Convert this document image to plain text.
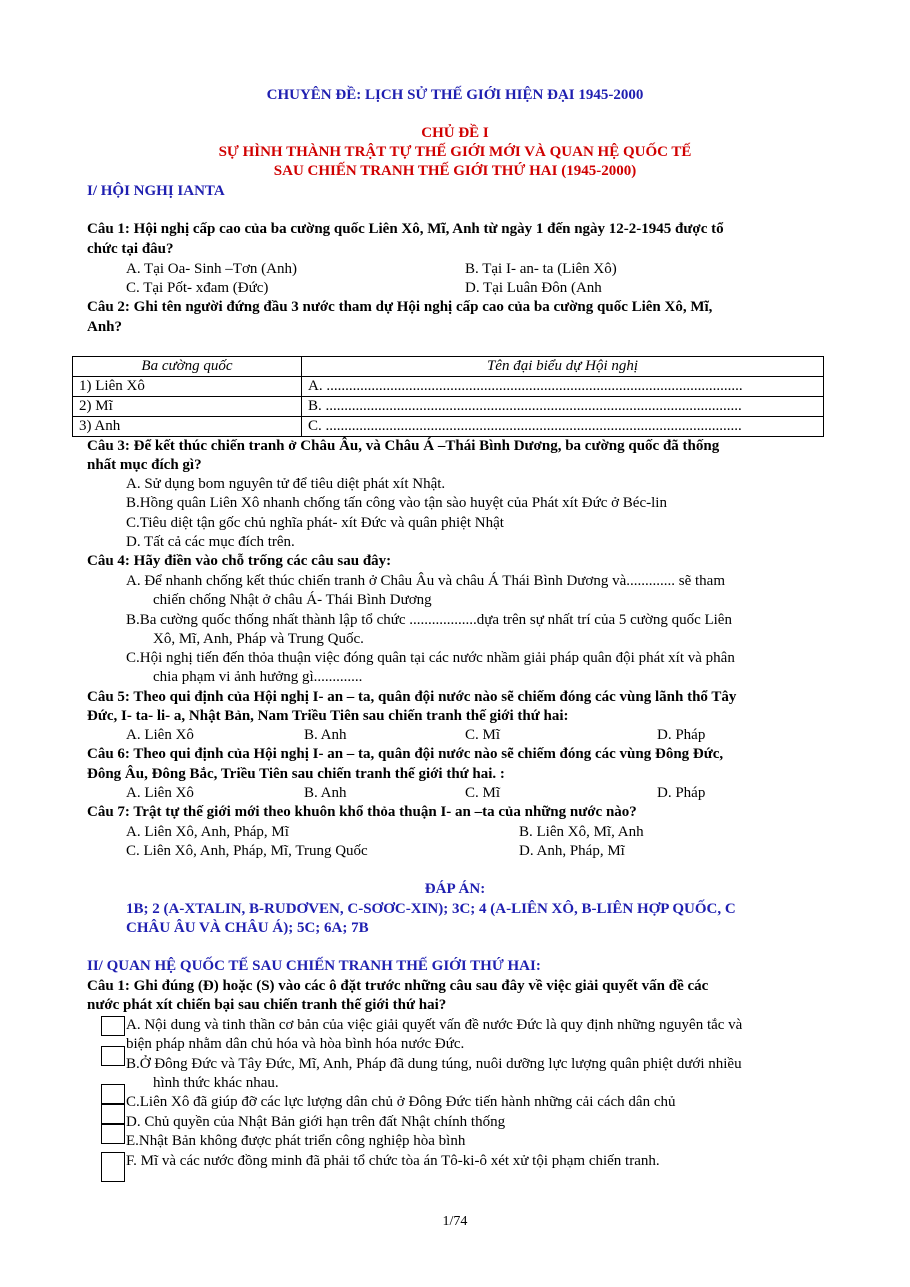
CHUYÊN ĐỀ: LỊCH SỬ THẾ GIỚI HIỆN ĐẠI 1945-2000
CHỦ ĐỀ I
SỰ HÌNH THÀNH TRẬT TỰ THẾ GIỚI MỚI VÀ QUAN HỆ QUỐC TẾ
SAU CHIẾN TRANH THẾ GIỚI THỨ HAI (1945-2000)
I/ HỘI NGHỊ IANTA
Câu 1: Hội nghị cấp cao của ba cường quốc Liên Xô, Mĩ, Anh từ ngày 1 đến ngày 12-2-1945 được tổ
chức tại đâu?
A. Tại Oa- Sinh –Tơn (Anh)	B. Tại I- an- ta (Liên Xô)
C. Tại Pốt- xđam (Đức)	D. Tại Luân Đôn (Anh
Câu 2: Ghi tên người đứng đầu 3 nước tham dự Hội nghị cấp cao của ba cường quốc Liên Xô, Mĩ,
Anh?
Ba cường quốc	Tên đại biểu dự Hội nghị
1) Liên Xô	A. ...............................................................................................................
2) Mĩ	B. ...............................................................................................................
3) Anh	C. ...............................................................................................................
Câu 3: Để kết thúc chiến tranh ở Châu Âu, và Châu Á –Thái Bình Dương, ba cường quốc đã thống
nhất mục đích gì?
A. Sử dụng bom nguyên tử để tiêu diệt phát xít Nhật.
B.Hồng quân Liên Xô nhanh chống tấn công vào tận sào huyệt của Phát xít Đức ở Béc-lin
C.Tiêu diệt tận gốc chủ nghĩa phát- xít Đức và quân phiệt Nhật
D. Tất cả các mục đích trên.
Câu 4: Hãy điền vào chỗ trống các câu sau đây:
A. Để nhanh chống kết thúc chiến tranh ở Châu Âu và châu Á Thái Bình Dương và............. sẽ tham
chiến chống Nhật ở châu Á- Thái Bình Dương
B.Ba cường quốc thống nhất thành lập tổ chức ..................dựa trên sự nhất trí của 5 cường quốc Liên
Xô, Mĩ, Anh, Pháp và Trung Quốc.
C.Hội nghị tiến đến thỏa thuận việc đóng quân tại các nước nhầm giải pháp quân đội phát xít và phân
chia phạm vi ảnh hưởng gì.............
Câu 5: Theo qui định của Hội nghị I- an – ta, quân đội nước nào sẽ chiếm đóng các vùng lãnh thổ Tây
Đức, I- ta- li- a, Nhật Bản, Nam Triều Tiên sau chiến tranh thế giới thứ hai:
A. Liên Xô	B. Anh	C. Mĩ	D. Pháp
Câu 6: Theo qui định của Hội nghị I- an – ta, quân đội nước nào sẽ chiếm đóng các vùng Đông Đức,
Đông Âu, Đông Bắc, Triều Tiên sau chiến tranh thế giới thứ hai. :
A. Liên Xô	B. Anh	C. Mĩ	D. Pháp
Câu 7: Trật tự thế giới mới theo khuôn khổ thỏa thuận I- an –ta của những nước nào?
A. Liên Xô, Anh, Pháp, Mĩ	B. Liên Xô, Mĩ, Anh
C. Liên Xô, Anh, Pháp, Mĩ, Trung Quốc	D. Anh, Pháp, Mĩ
ĐÁP ÁN:
1B; 2 (A-XTALIN, B-RUDƠVEN, C-SƠƠC-XIN); 3C; 4 (A-LIÊN XÔ, B-LIÊN HỢP QUỐC, C
CHÂU ÂU VÀ CHÂU Á); 5C; 6A; 7B
II/ QUAN HỆ QUỐC TẾ SAU CHIẾN TRANH THẾ GIỚI THỨ HAI:
Câu 1: Ghi đúng (Đ) hoặc (S) vào các ô đặt trước những câu sau đây về việc giải quyết vấn đề các
nước phát xít chiến bại sau chiến tranh thế giới thứ hai?
A. Nội dung và tinh thần cơ bản của việc giải quyết vấn đề nước Đức là quy định những nguyên tắc và
biện pháp nhằm dân chủ hóa và hòa bình hóa nước Đức.
B.Ở Đông Đức và Tây Đức, Mĩ, Anh, Pháp đã dung túng, nuôi dưỡng lực lượng quân phiệt dưới nhiều
hình thức khác nhau.
C.Liên Xô đã giúp đỡ các lực lượng dân chủ ở Đông Đức tiến hành những cải cách dân chủ
D. Chủ quyền của Nhật Bản giới hạn trên đất Nhật chính thống
E.Nhật Bản không được phát triển công nghiệp hòa bình
F. Mĩ và các nước đồng minh đã phải tổ chức tòa án Tô-ki-ô xét xử tội phạm chiến tranh.
1/74
